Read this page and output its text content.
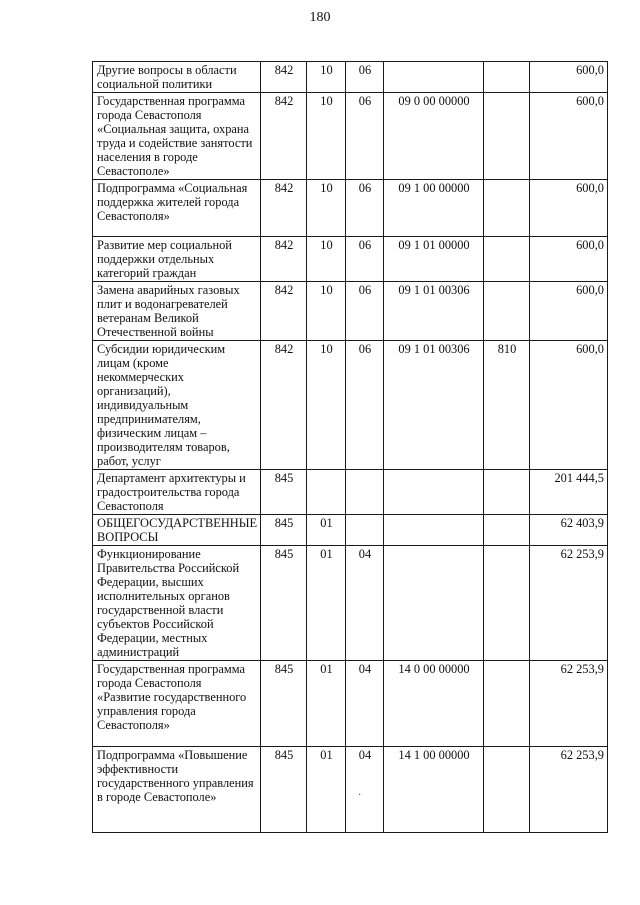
180
Другие вопросы в области социальной политики	842	10	06			600,0
Государственная программа города Севастополя «Социальная защита, охрана труда и содействие занятости населения в городе Севастополе»	842	10	06	09 0 00 00000		600,0
Подпрограмма «Социальная поддержка жителей города Севастополя»	842	10	06	09 1 00 00000		600,0
Развитие мер социальной поддержки отдельных категорий граждан	842	10	06	09 1 01 00000		600,0
Замена аварийных газовых плит и водонагревателей ветеранам Великой Отечественной войны	842	10	06	09 1 01 00306		600,0
Субсидии юридическим лицам (кроме некоммерческих организаций), индивидуальным предпринимателям, физическим лицам – производителям товаров, работ, услуг	842	10	06	09 1 01 00306	810	600,0
Департамент архитектуры и градостроительства города Севастополя	845					201 444,5
ОБЩЕГОСУДАРСТВЕННЫЕ ВОПРОСЫ	845	01				62 403,9
Функционирование Правительства Российской Федерации, высших исполнительных органов государственной власти субъектов Российской Федерации, местных администраций	845	01	04			62 253,9
Государственная программа города Севастополя «Развитие государственного управления города Севастополя»	845	01	04	14 0 00 00000		62 253,9
Подпрограмма «Повышение эффективности государственного управления в городе Севастополе»	845	01	04	14 1 00 00000		62 253,9
·
